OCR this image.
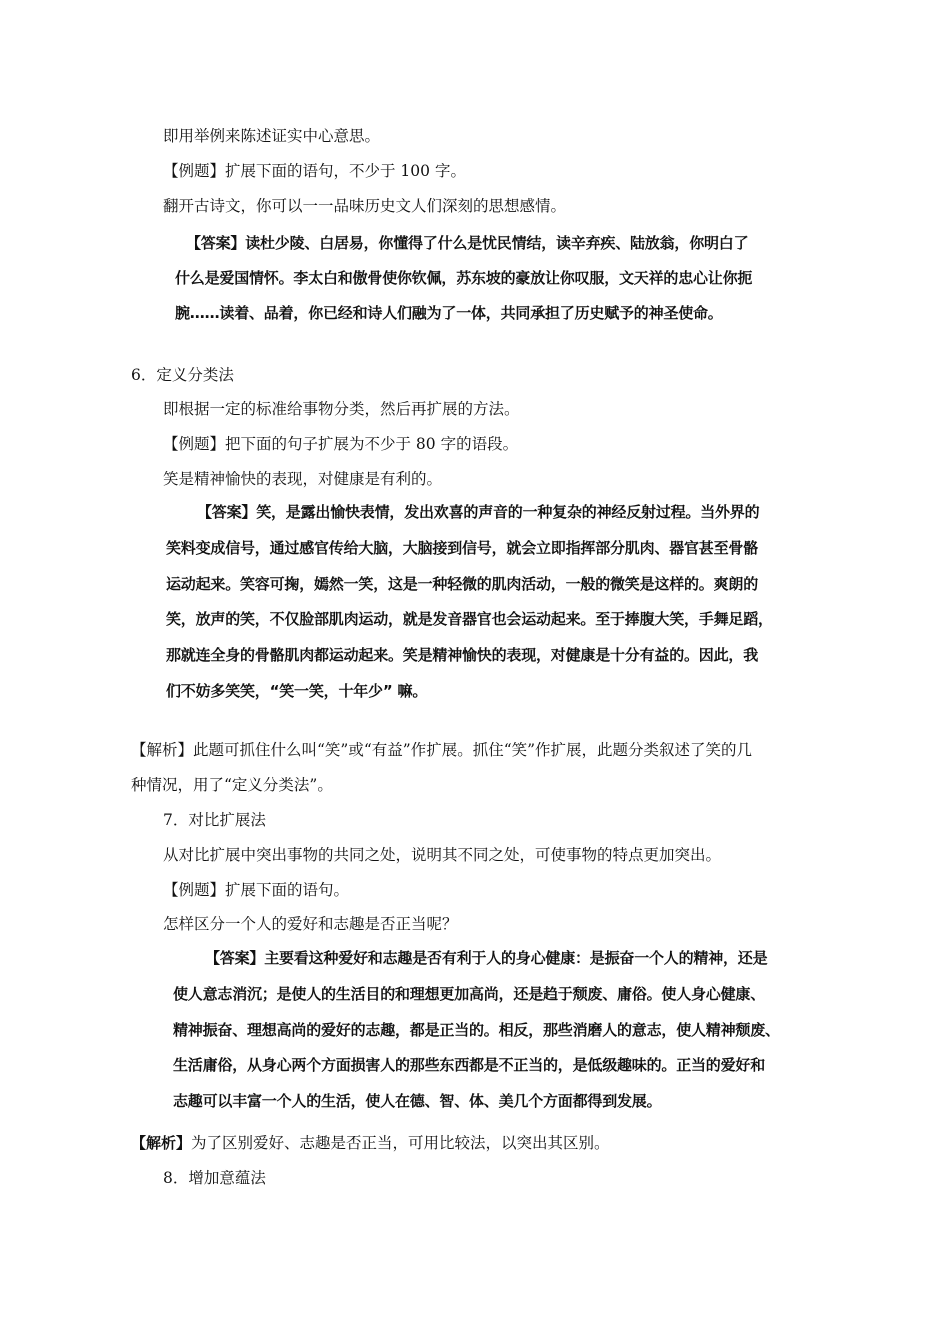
即用举例来陈述证实中心意思。
【例题】扩展下面的语句，不少于 100 字。
翻开古诗文，你可以一一品味历史文人们深刻的思想感情。
【答案】读杜少陵、白居易，你懂得了什么是忧民情结，读辛弃疾、陆放翁，你明白了
什么是爱国情怀。李太白和傲骨使你钦佩，苏东坡的豪放让你叹服，文天祥的忠心让你扼
腕……读着、品着，你已经和诗人们融为了一体，共同承担了历史赋予的神圣使命。
6．定义分类法
即根据一定的标准给事物分类，然后再扩展的方法。
【例题】把下面的句子扩展为不少于 80 字的语段。
笑是精神愉快的表现，对健康是有利的。
【答案】笑，是露出愉快表情，发出欢喜的声音的一种复杂的神经反射过程。当外界的
笑料变成信号，通过感官传给大脑，大脑接到信号，就会立即指挥部分肌肉、器官甚至骨骼
运动起来。笑容可掬，嫣然一笑，这是一种轻微的肌肉活动，一般的微笑是这样的。爽朗的
笑，放声的笑，不仅脸部肌肉运动，就是发音器官也会运动起来。至于捧腹大笑，手舞足蹈，
那就连全身的骨骼肌肉都运动起来。笑是精神愉快的表现，对健康是十分有益的。因此，我
们不妨多笑笑，“笑一笑，十年少” 嘛。
【解析】此题可抓住什么叫“笑”或“有益”作扩展。抓住“笑”作扩展，此题分类叙述了笑的几
种情况，用了“定义分类法”。
7．对比扩展法
从对比扩展中突出事物的共同之处，说明其不同之处，可使事物的特点更加突出。
【例题】扩展下面的语句。
怎样区分一个人的爱好和志趣是否正当呢？
【答案】主要看这种爱好和志趣是否有利于人的身心健康：是振奋一个人的精神，还是
使人意志消沉；是使人的生活目的和理想更加高尚，还是趋于颓废、庸俗。使人身心健康、
精神振奋、理想高尚的爱好的志趣，都是正当的。相反，那些消磨人的意志，使人精神颓废、
生活庸俗，从身心两个方面损害人的那些东西都是不正当的，是低级趣味的。正当的爱好和
志趣可以丰富一个人的生活，使人在德、智、体、美几个方面都得到发展。
【解析】为了区别爱好、志趣是否正当，可用比较法，以突出其区别。
8．增加意蕴法
